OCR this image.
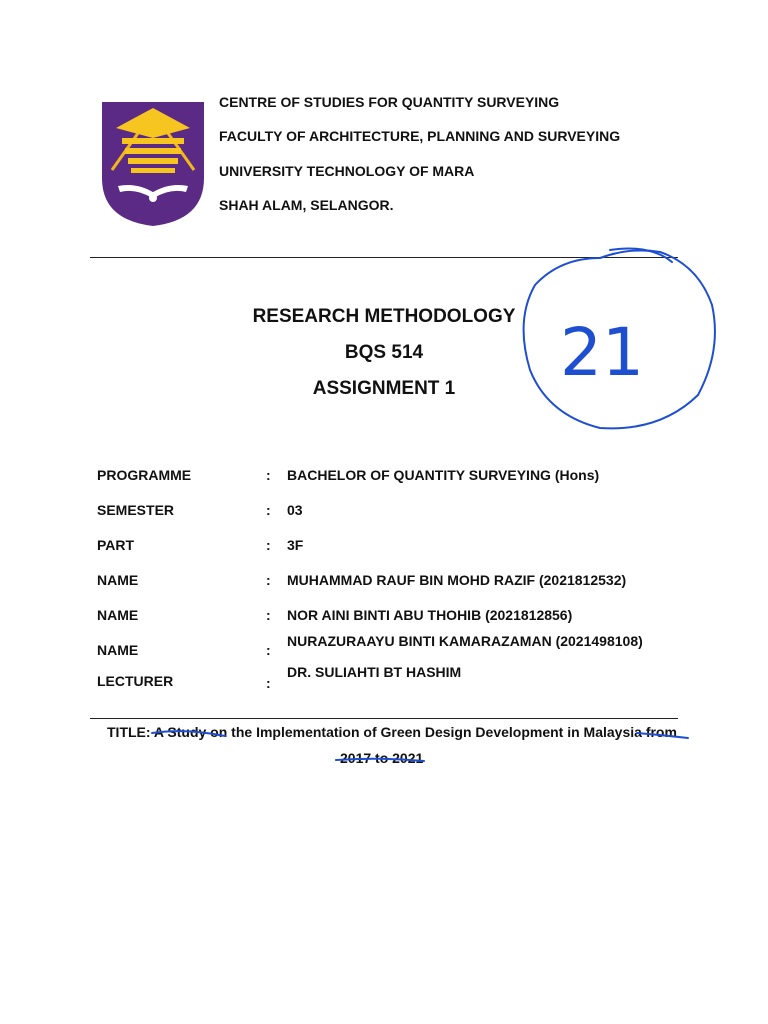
CENTRE OF STUDIES FOR QUANTITY SURVEYING
FACULTY OF ARCHITECTURE, PLANNING AND SURVEYING
UNIVERSITY TECHNOLOGY OF MARA
SHAH ALAM, SELANGOR.
RESEARCH METHODOLOGY
BQS 514
ASSIGNMENT 1
PROGRAMME	: BACHELOR OF QUANTITY SURVEYING (Hons)
SEMESTER	: 03
PART	: 3F
NAME	: MUHAMMAD RAUF BIN MOHD RAZIF (2021812532)
NAME	: NOR AINI BINTI ABU THOHIB (2021812856)
NAME	:
NURAZURAAYU BINTI KAMARAZAMAN (2021498108)
LECTURER	:
DR. SULIAHTI BT HASHIM
TITLE: A Study on the Implementation of Green Design Development in Malaysia from
2017 to 2021
21
